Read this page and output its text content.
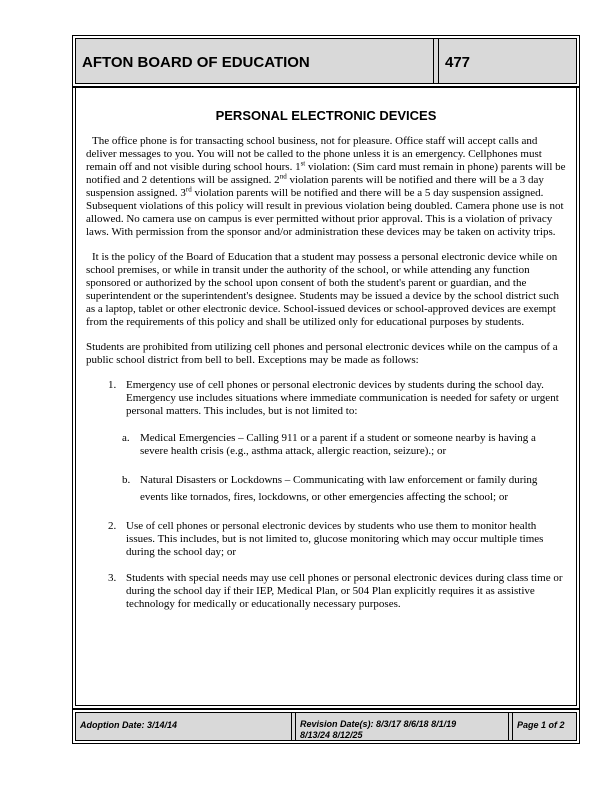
AFTON BOARD OF EDUCATION	477
PERSONAL ELECTRONIC DEVICES

The office phone is for transacting school business, not for pleasure. Office staff will accept calls and deliver messages to you. You will not be called to the phone unless it is an emergency. Cellphones must remain off and not visible during school hours. 1st violation: (Sim card must remain in phone) parents will be notified and 2 detentions will be assigned. 2nd violation parents will be notified and there will be a 3 day suspension assigned. 3rd violation parents will be notified and there will be a 5 day suspension assigned. Subsequent violations of this policy will result in previous violation being doubled. Camera phone use is not allowed. No camera use on campus is ever permitted without prior approval. This is a violation of privacy laws. With permission from the sponsor and/or administration these devices may be taken on activity trips.

It is the policy of the Board of Education that a student may possess a personal electronic device while on school premises, or while in transit under the authority of the school, or while attending any function sponsored or authorized by the school upon consent of both the student's parent or guardian, and the superintendent or the superintendent's designee. Students may be issued a device by the school district such as a laptop, tablet or other electronic device. School-issued devices or school-approved devices are exempt from the requirements of this policy and shall be utilized only for educational purposes by students.

Students are prohibited from utilizing cell phones and personal electronic devices while on the campus of a public school district from bell to bell. Exceptions may be made as follows:

1. Emergency use of cell phones or personal electronic devices by students during the school day. Emergency use includes situations where immediate communication is needed for safety or urgent personal matters. This includes, but is not limited to:
a. Medical Emergencies – Calling 911 or a parent if a student or someone nearby is having a severe health crisis (e.g., asthma attack, allergic reaction, seizure).; or
b. Natural Disasters or Lockdowns – Communicating with law enforcement or family during events like tornados, fires, lockdowns, or other emergencies affecting the school; or
2. Use of cell phones or personal electronic devices by students who use them to monitor health issues. This includes, but is not limited to, glucose monitoring which may occur multiple times during the school day; or
3. Students with special needs may use cell phones or personal electronic devices during class time or during the school day if their IEP, Medical Plan, or 504 Plan explicitly requires it as assistive technology for medically or educationally necessary purposes.
Adoption Date: 3/14/14	Revision Date(s): 8/3/17 8/6/18 8/1/19
8/13/24 8/12/25
Page 1 of 2
